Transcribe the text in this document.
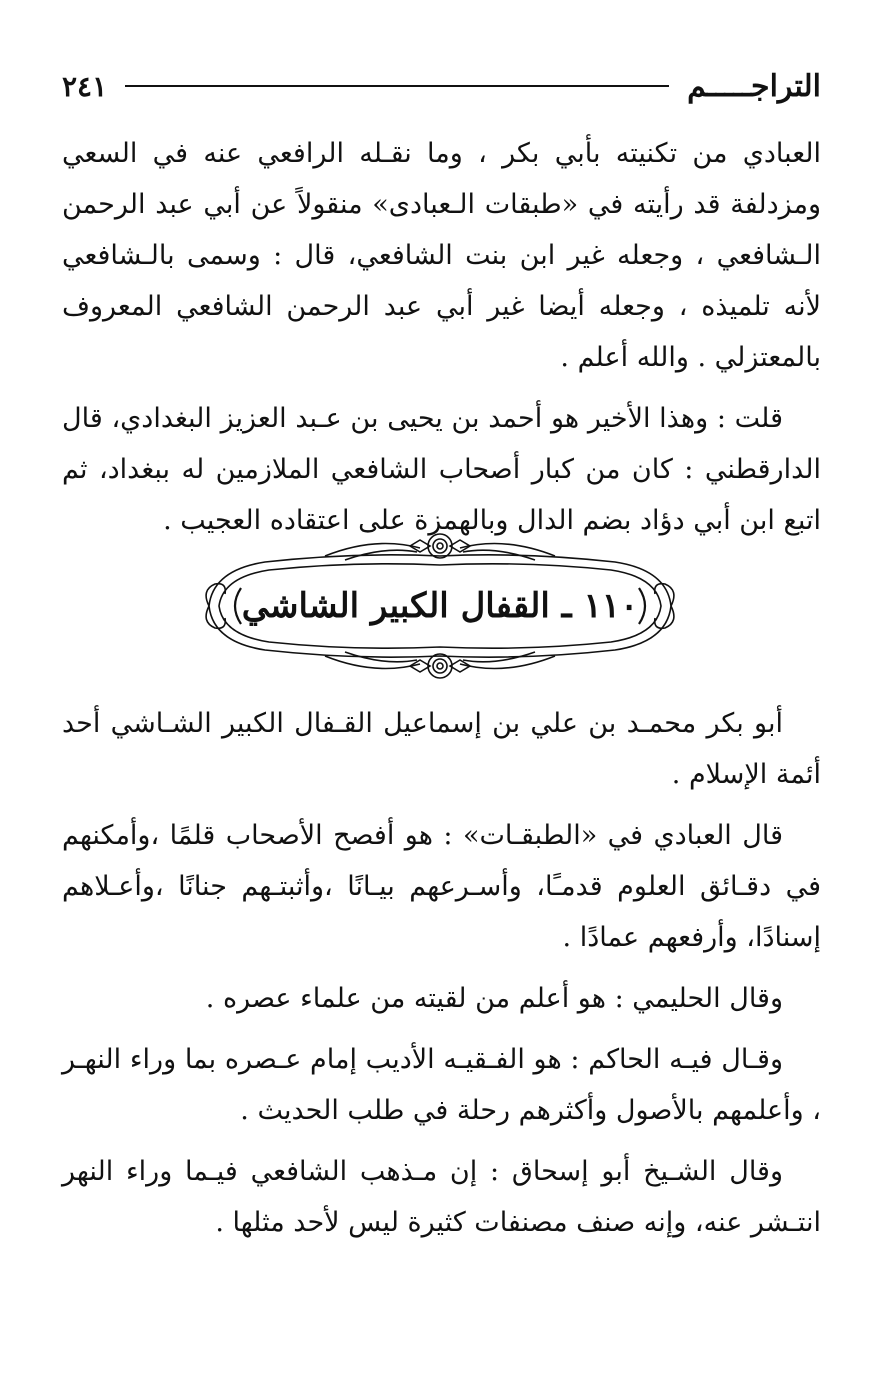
التراجـــــم
٢٤١

العبادي من تكنيته بأبي بكر ، وما نقـله الرافعي عنه في السعي ومزدلفة قد رأيته في «طبقات الـعبادى» منقولاً عن أبي عبد الرحمن الـشافعي ، وجعله غير ابن بنت الشافعي، قال : وسمى بالـشافعي لأنه تلميذه ، وجعله أيضا غير أبي عبد الرحمن الشافعي المعروف بالمعتزلي . والله أعلم .

قلت : وهذا الأخير هو أحمد بن يحيى بن عـبد العزيز البغدادي، قال الدارقطني : كان من كبار أصحاب الشافعي الملازمين له ببغداد، ثم اتبع ابن أبي دؤاد بضم الدال وبالهمزة على اعتقاده العجيب .

١١٠ ـ القفال الكبير الشاشي

أبو بكر محمـد بن علي بن إسماعيل القـفال الكبير الشـاشي أحد أئمة الإسلام .

قال العبادي في «الطبقـات» : هو أفصح الأصحاب قلمًا ،وأمكنهم في دقـائق العلوم قدمـًا، وأسـرعهم بيـانًا ،وأثبتـهم جنانًا ،وأعـلاهم إسنادًا، وأرفعهم عمادًا .

وقال الحليمي : هو أعلم من لقيته من علماء عصره .

وقـال فيـه الحاكم : هو الفـقيـه الأديب إمام عـصره بما وراء النهـر ، وأعلمهم بالأصول وأكثرهم رحلة في طلب الحديث .

وقال الشـيخ أبو إسحاق : إن مـذهب الشافعي فيـما وراء النهر انتـشر عنه، وإنه صنف مصنفات كثيرة ليس لأحد مثلها .
